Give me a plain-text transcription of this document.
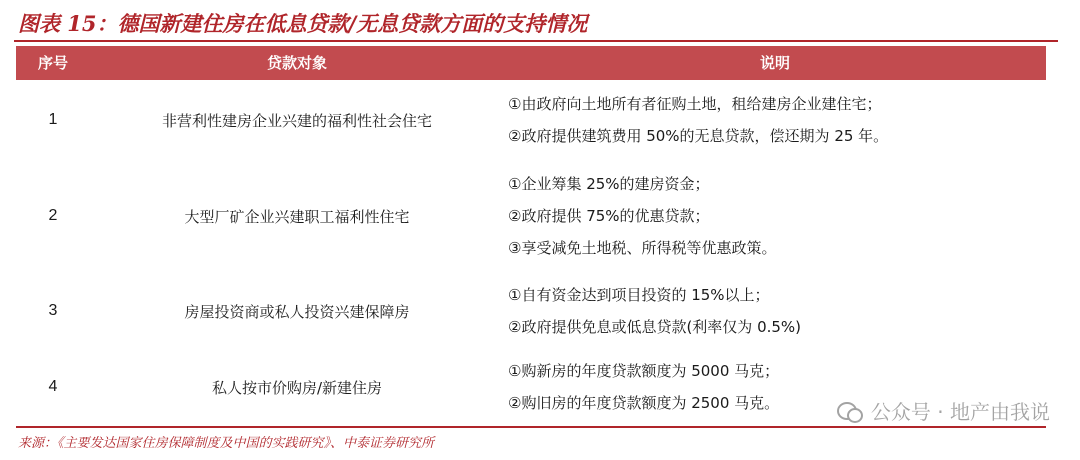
图表 15：德国新建住房在低息贷款/无息贷款方面的支持情况
序号	贷款对象	说明
1	非营利性建房企业兴建的福利性社会住宅
①由政府向土地所有者征购土地，租给建房企业建住宅；
②政府提供建筑费用 50%的无息贷款，偿还期为 25 年。
2	大型厂矿企业兴建职工福利性住宅
①企业筹集 25%的建房资金；
②政府提供 75%的优惠贷款；
③享受减免土地税、所得税等优惠政策。
3	房屋投资商或私人投资兴建保障房
①自有资金达到项目投资的 15%以上；
②政府提供免息或低息贷款(利率仅为 0.5%)
4	私人按市价购房/新建住房
①购新房的年度贷款额度为 5000 马克；
②购旧房的年度贷款额度为 2500 马克。	公众号 · 地产由我说
来源：《主要发达国家住房保障制度及中国的实践研究》、中泰证券研究所
